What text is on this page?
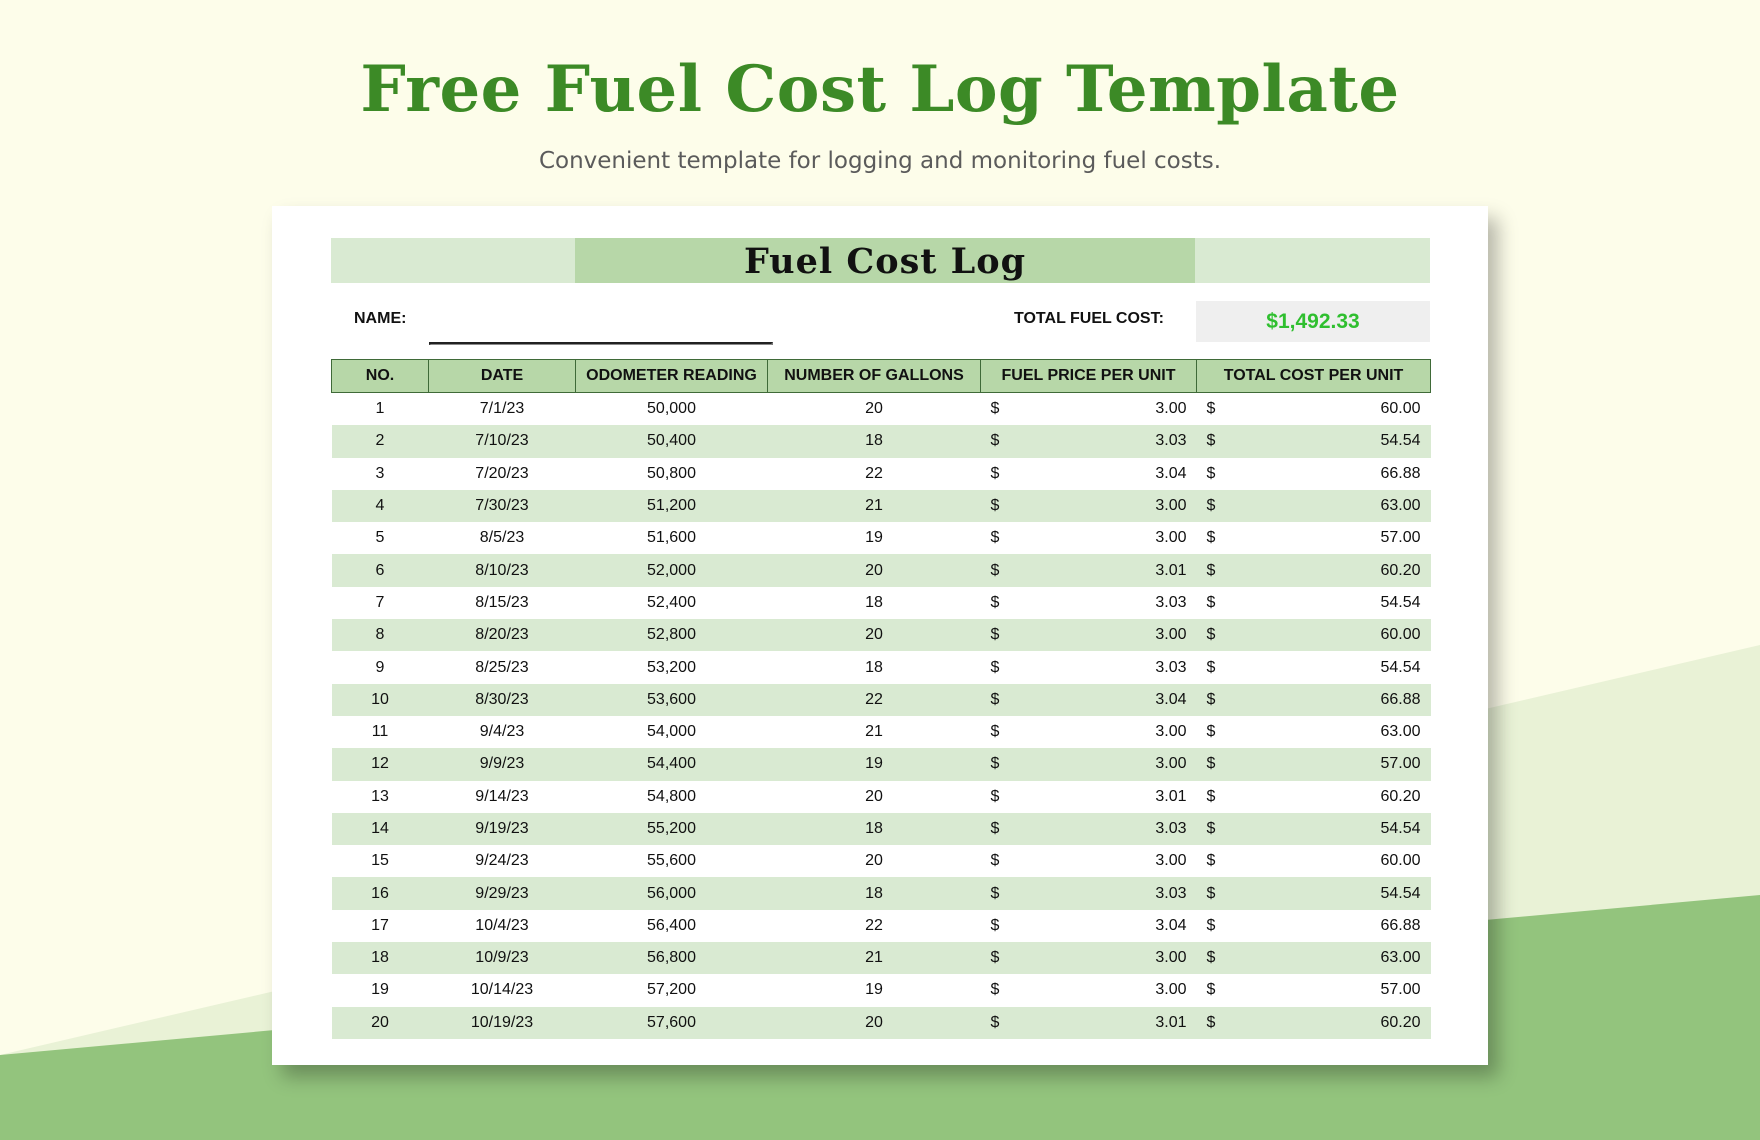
Free Fuel Cost Log Template
Convenient template for logging and monitoring fuel costs.
Fuel Cost Log
NAME:	TOTAL FUEL COST:	$1,492.33
NO.	DATE	ODOMETER READING	NUMBER OF GALLONS	FUEL PRICE PER UNIT	TOTAL COST PER UNIT
1	7/1/23	50,000	20	$ 3.00	$ 60.00
2	7/10/23	50,400	18	$ 3.03	$ 54.54
3	7/20/23	50,800	22	$ 3.04	$ 66.88
4	7/30/23	51,200	21	$ 3.00	$ 63.00
5	8/5/23	51,600	19	$ 3.00	$ 57.00
6	8/10/23	52,000	20	$ 3.01	$ 60.20
7	8/15/23	52,400	18	$ 3.03	$ 54.54
8	8/20/23	52,800	20	$ 3.00	$ 60.00
9	8/25/23	53,200	18	$ 3.03	$ 54.54
10	8/30/23	53,600	22	$ 3.04	$ 66.88
11	9/4/23	54,000	21	$ 3.00	$ 63.00
12	9/9/23	54,400	19	$ 3.00	$ 57.00
13	9/14/23	54,800	20	$ 3.01	$ 60.20
14	9/19/23	55,200	18	$ 3.03	$ 54.54
15	9/24/23	55,600	20	$ 3.00	$ 60.00
16	9/29/23	56,000	18	$ 3.03	$ 54.54
17	10/4/23	56,400	22	$ 3.04	$ 66.88
18	10/9/23	56,800	21	$ 3.00	$ 63.00
19	10/14/23	57,200	19	$ 3.00	$ 57.00
20	10/19/23	57,600	20	$ 3.01	$ 60.20
